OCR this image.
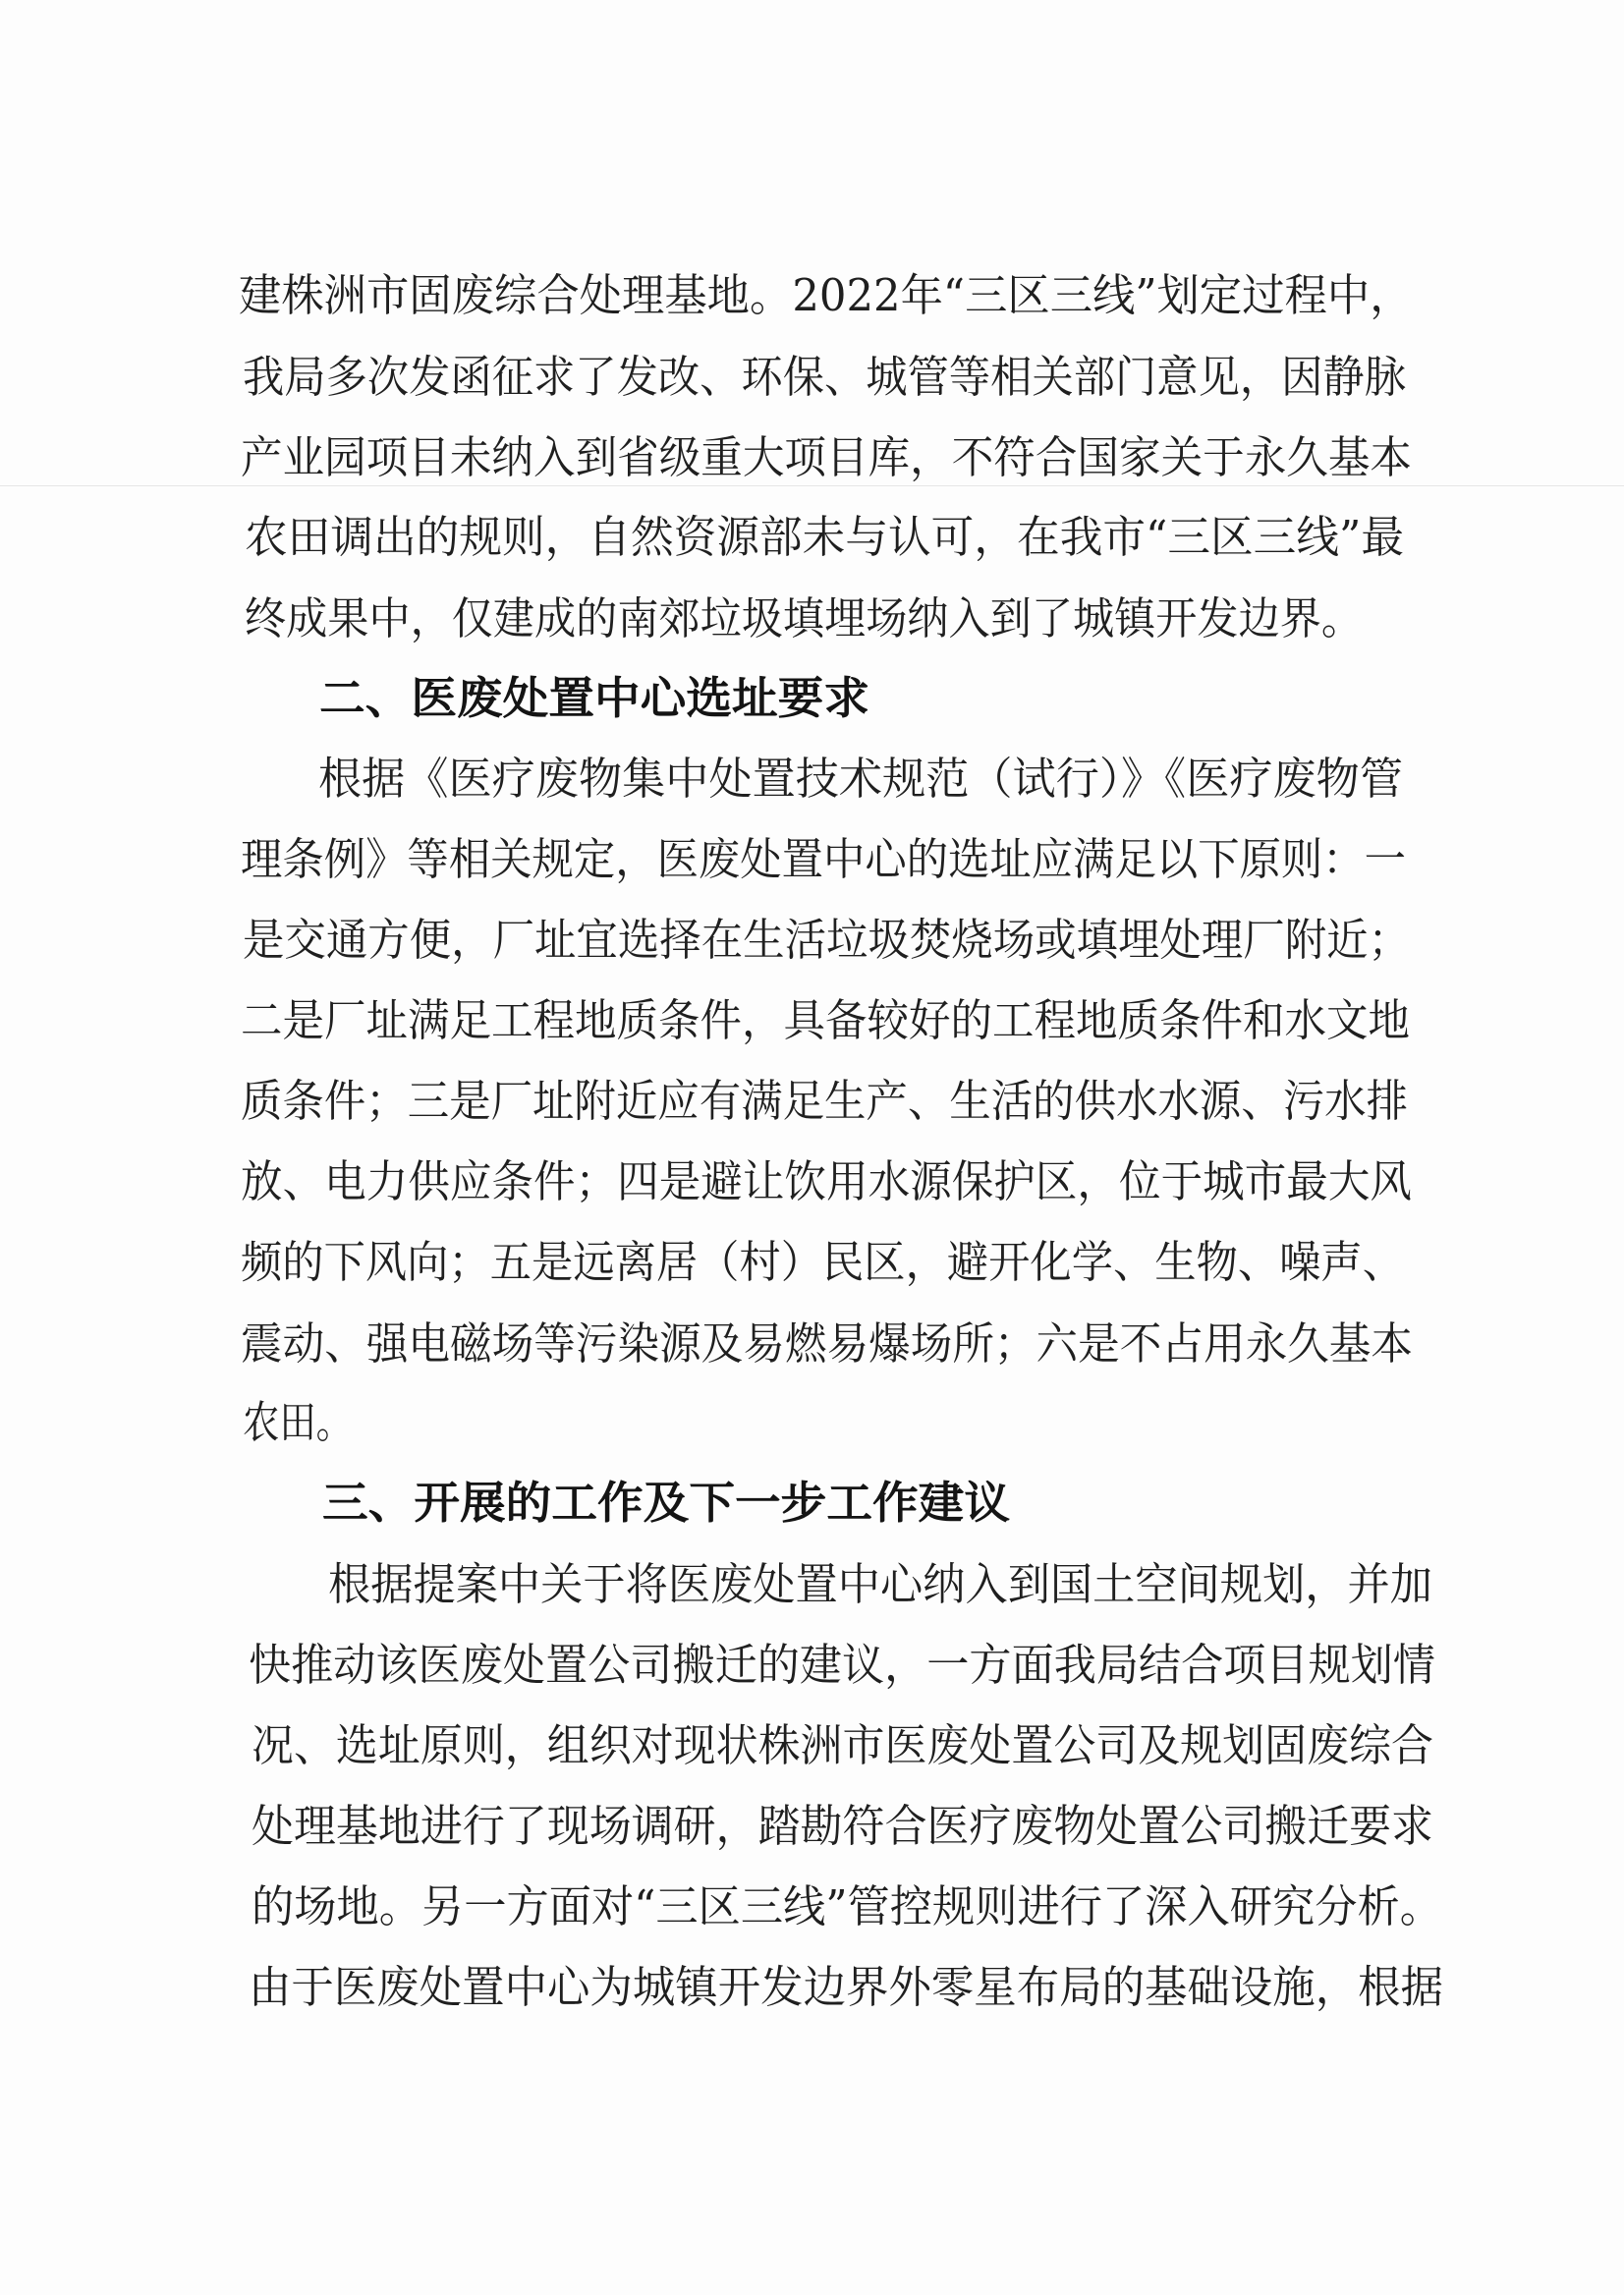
建株洲市固废综合处理基地。2022年“三区三线”划定过程中，

我局多次发函征求了发改、环保、城管等相关部门意见，因静脉

产业园项目未纳入到省级重大项目库，不符合国家关于永久基本

农田调出的规则，自然资源部未与认可，在我市“三区三线”最

终成果中，仅建成的南郊垃圾填埋场纳入到了城镇开发边界。

二、医废处置中心选址要求

根据《医疗废物集中处置技术规范（试行）》《医疗废物管

理条例》等相关规定，医废处置中心的选址应满足以下原则：一

是交通方便，厂址宜选择在生活垃圾焚烧场或填埋处理厂附近；

二是厂址满足工程地质条件，具备较好的工程地质条件和水文地

质条件；三是厂址附近应有满足生产、生活的供水水源、污水排

放、电力供应条件；四是避让饮用水源保护区，位于城市最大风

频的下风向；五是远离居（村）民区，避开化学、生物、噪声、

震动、强电磁场等污染源及易燃易爆场所；六是不占用永久基本

农田。

三、开展的工作及下一步工作建议

根据提案中关于将医废处置中心纳入到国土空间规划，并加

快推动该医废处置公司搬迁的建议，一方面我局结合项目规划情

况、选址原则，组织对现状株洲市医废处置公司及规划固废综合

处理基地进行了现场调研，踏勘符合医疗废物处置公司搬迁要求

的场地。另一方面对“三区三线”管控规则进行了深入研究分析。

由于医废处置中心为城镇开发边界外零星布局的基础设施，根据
